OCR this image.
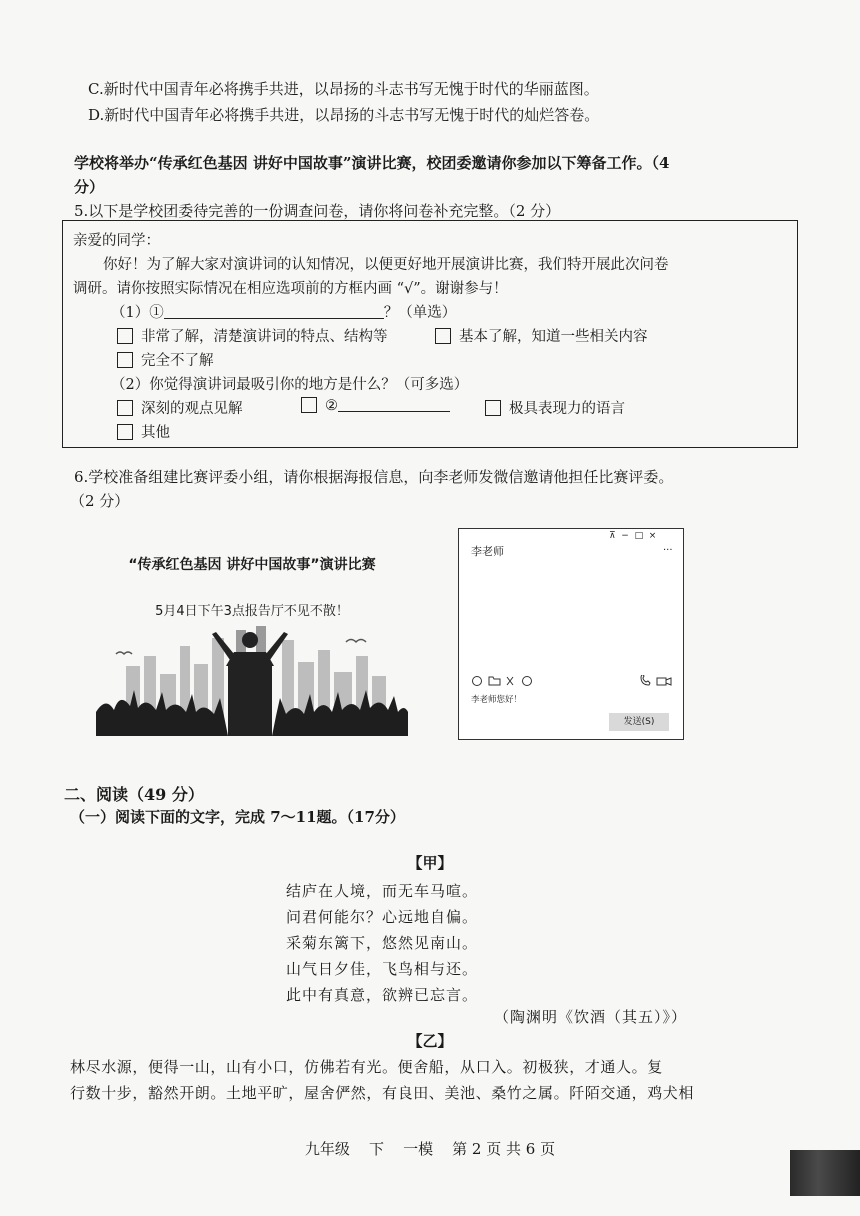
C.新时代中国青年必将携手共进，以昂扬的斗志书写无愧于时代的华丽蓝图。
D.新时代中国青年必将携手共进，以昂扬的斗志书写无愧于时代的灿烂答卷。
学校将举办“传承红色基因 讲好中国故事”演讲比赛，校团委邀请你参加以下筹备工作。（4
分）
5.以下是学校团委待完善的一份调查问卷，请你将问卷补充完整。（2 分）
亲爱的同学：
你好！为了解大家对演讲词的认知情况，以便更好地开展演讲比赛，我们特开展此次问卷
调研。请你按照实际情况在相应选项前的方框内画 “√”。谢谢参与！
（1）①	？（单选）
非常了解，清楚演讲词的特点、结构等	基本了解，知道一些相关内容
完全不了解
（2）你觉得演讲词最吸引你的地方是什么？（可多选）
深刻的观点见解	②	极具表现力的语言
其他
6.学校准备组建比赛评委小组，请你根据海报信息，向李老师发微信邀请他担任比赛评委。
（2 分）
“传承红色基因 讲好中国故事”演讲比赛
5月4日下午3点报告厅不见不散！
李老师
⊼  −  □  ×
···
李老师您好！
发送(S)
二、阅读（49 分）
（一）阅读下面的文字，完成 7～11题。（17分）
【甲】
结庐在人境，而无车马喧。
问君何能尔？心远地自偏。
采菊东篱下，悠然见南山。
山气日夕佳，飞鸟相与还。
此中有真意，欲辨已忘言。
（陶渊明《饮酒（其五）》）
【乙】
林尽水源，便得一山，山有小口，仿佛若有光。便舍船，从口入。初极狭，才通人。复
行数十步，豁然开朗。土地平旷，屋舍俨然，有良田、美池、桑竹之属。阡陌交通，鸡犬相
九年级    下    一模    第 2 页 共 6 页
